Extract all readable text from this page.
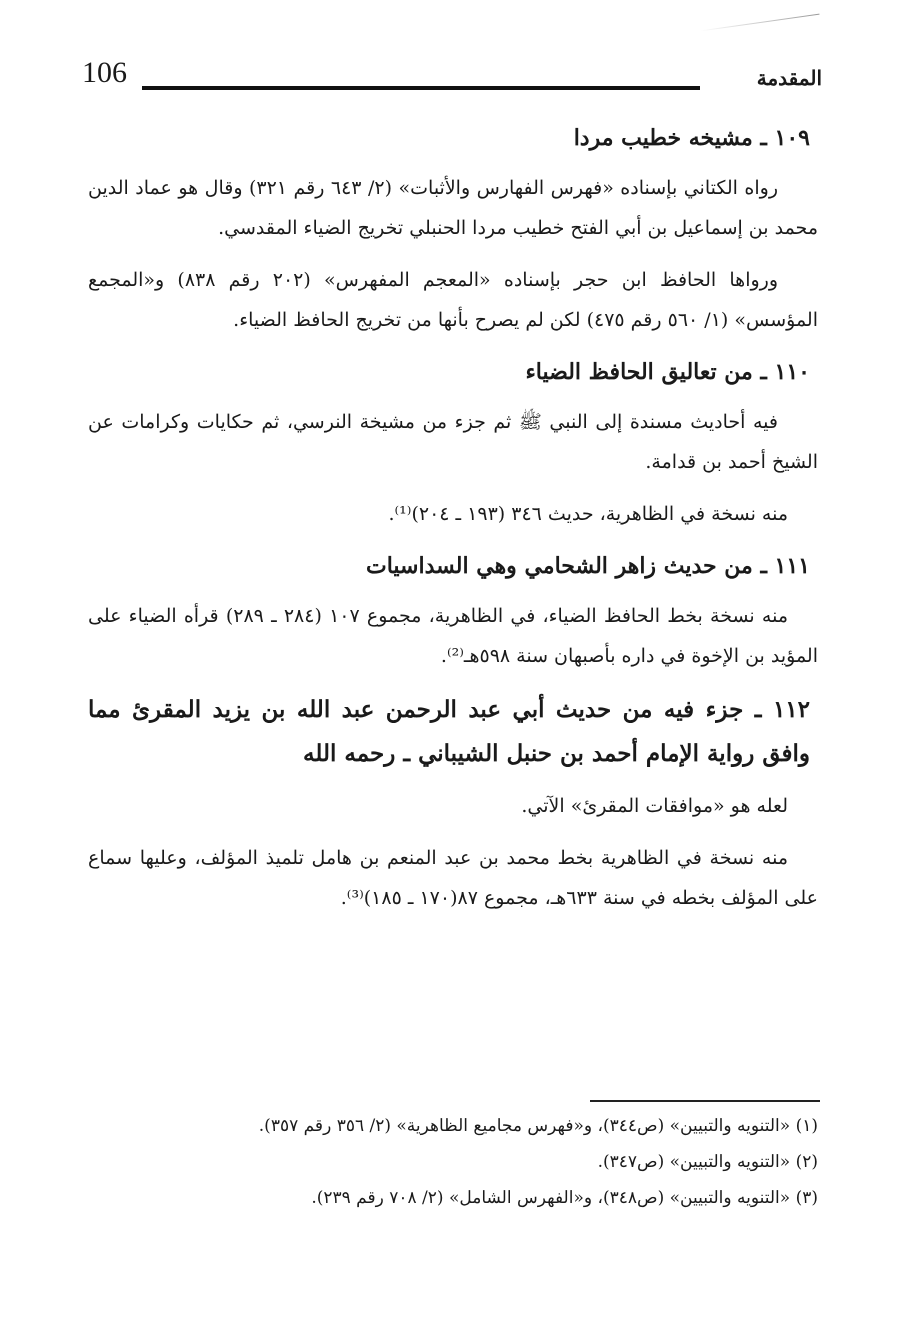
106	المقدمة
١٠٩ ـ مشيخه خطيب مردا

رواه الكتاني بإسناده «فهرس الفهارس والأثبات» (٢/ ٦٤٣ رقم ٣٢١) وقال هو عماد الدين محمد بن إسماعيل بن أبي الفتح خطيب مردا الحنبلي تخريج الضياء المقدسي.

ورواها الحافظ ابن حجر بإسناده «المعجم المفهرس» (٢٠٢ رقم ٨٣٨) و«المجمع المؤسس» (١/ ٥٦٠ رقم ٤٧٥) لكن لم يصرح بأنها من تخريج الحافظ الضياء.

١١٠ ـ من تعاليق الحافظ الضياء

فيه أحاديث مسندة إلى النبي ﷺ ثم جزء من مشيخة النرسي، ثم حكايات وكرامات عن الشيخ أحمد بن قدامة.

منه نسخة في الظاهرية، حديث ٣٤٦ (١٩٣ ـ ٢٠٤)⁽¹⁾.

١١١ ـ من حديث زاهر الشحامي وهي السداسيات

منه نسخة بخط الحافظ الضياء، في الظاهرية، مجموع ١٠٧ (٢٨٤ ـ ٢٨٩) قرأه الضياء على المؤيد بن الإخوة في داره بأصبهان سنة ٥٩٨هـ⁽²⁾.

١١٢ ـ جزء فيه من حديث أبي عبد الرحمن عبد الله بن يزيد المقرئ مما وافق رواية الإمام أحمد بن حنبل الشيباني ـ رحمه الله

لعله هو «موافقات المقرئ» الآتي.

منه نسخة في الظاهرية بخط محمد بن عبد المنعم بن هامل تلميذ المؤلف، وعليها سماع على المؤلف بخطه في سنة ٦٣٣هـ، مجموع ٨٧(١٧٠ ـ ١٨٥)⁽³⁾.

(١) «التنويه والتبيين» (ص٣٤٤)، و«فهرس مجاميع الظاهرية» (٢/ ٣٥٦ رقم ٣٥٧).
(٢) «التنويه والتبيين» (ص٣٤٧).
(٣) «التنويه والتبيين» (ص٣٤٨)، و«الفهرس الشامل» (٢/ ٧٠٨ رقم ٢٣٩).
